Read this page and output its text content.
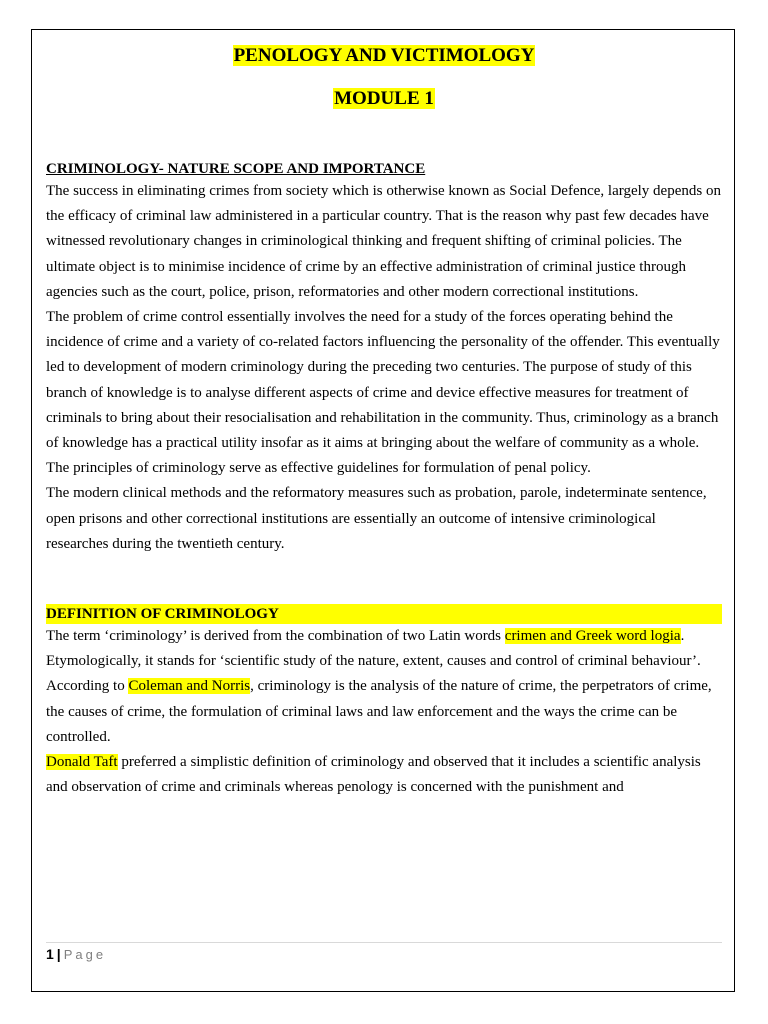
PENOLOGY AND VICTIMOLOGY

MODULE 1

CRIMINOLOGY- NATURE SCOPE AND IMPORTANCE

The success in eliminating crimes from society which is otherwise known as Social Defence, largely depends on the efficacy of criminal law administered in a particular country. That is the reason why past few decades have witnessed revolutionary changes in criminological thinking and frequent shifting of criminal policies. The ultimate object is to minimise incidence of crime by an effective administration of criminal justice through agencies such as the court, police, prison, reformatories and other modern correctional institutions.

The problem of crime control essentially involves the need for a study of the forces operating behind the incidence of crime and a variety of co-related factors influencing the personality of the offender. This eventually led to development of modern criminology during the preceding two centuries. The purpose of study of this branch of knowledge is to analyse different aspects of crime and device effective measures for treatment of criminals to bring about their resocialisation and rehabilitation in the community. Thus, criminology as a branch of knowledge has a practical utility insofar as it aims at bringing about the welfare of community as a whole. The principles of criminology serve as effective guidelines for formulation of penal policy.

The modern clinical methods and the reformatory measures such as probation, parole, indeterminate sentence, open prisons and other correctional institutions are essentially an outcome of intensive criminological researches during the twentieth century.

DEFINITION OF CRIMINOLOGY

The term ‘criminology’ is derived from the combination of two Latin words crimen and Greek word logia. Etymologically, it stands for ‘scientific study of the nature, extent, causes and control of criminal behaviour’.

According to Coleman and Norris, criminology is the analysis of the nature of crime, the perpetrators of crime, the causes of crime, the formulation of criminal laws and law enforcement and the ways the crime can be controlled.

Donald Taft preferred a simplistic definition of criminology and observed that it includes a scientific analysis and observation of crime and criminals whereas penology is concerned with the punishment and

1 | Page
